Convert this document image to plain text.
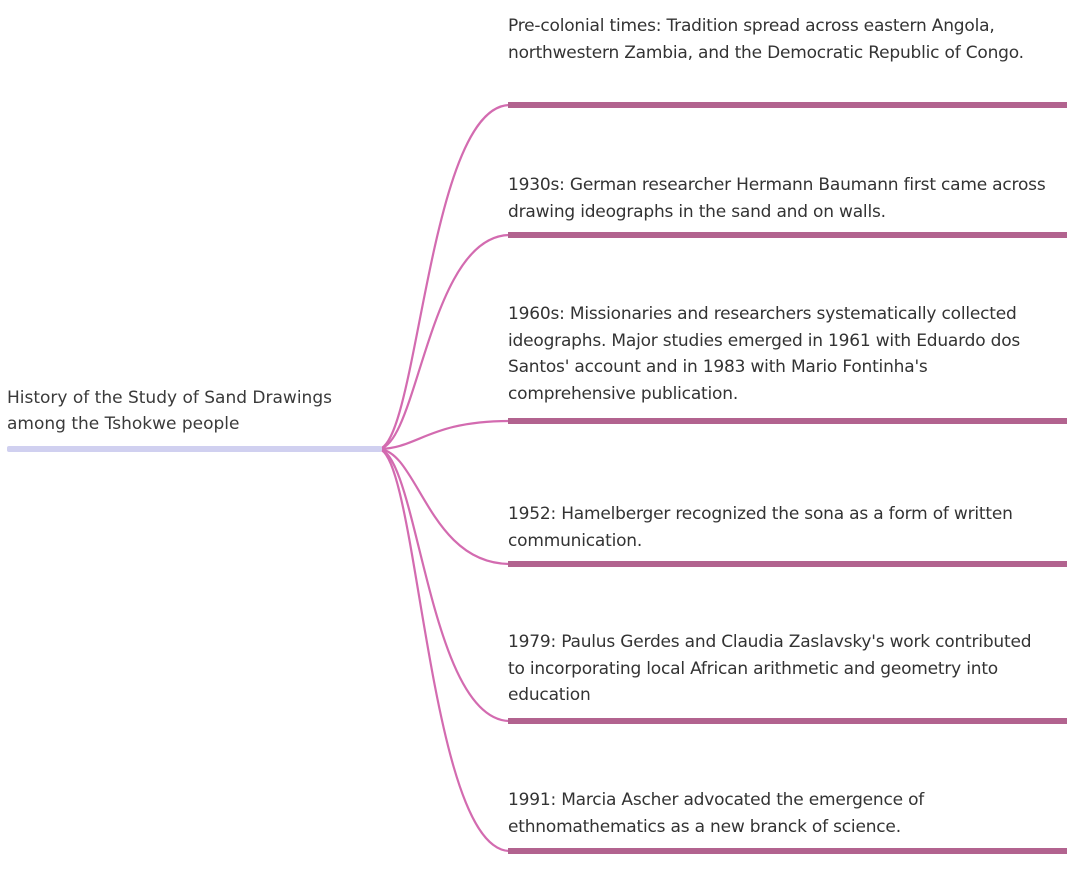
History of the Study of Sand Drawings among the Tshokwe people

Pre-colonial times: Tradition spread across eastern Angola, northwestern Zambia, and the Democratic Republic of Congo.

1930s: German researcher Hermann Baumann first came across drawing ideographs in the sand and on walls.

1960s: Missionaries and researchers systematically collected ideographs. Major studies emerged in 1961 with Eduardo dos Santos' account and in 1983 with Mario Fontinha's comprehensive publication.

1952: Hamelberger recognized the sona as a form of written communication.

1979: Paulus Gerdes and Claudia Zaslavsky's work contributed to incorporating local African arithmetic and geometry into education

1991: Marcia Ascher advocated the emergence of ethnomathematics as a new branck of science.
